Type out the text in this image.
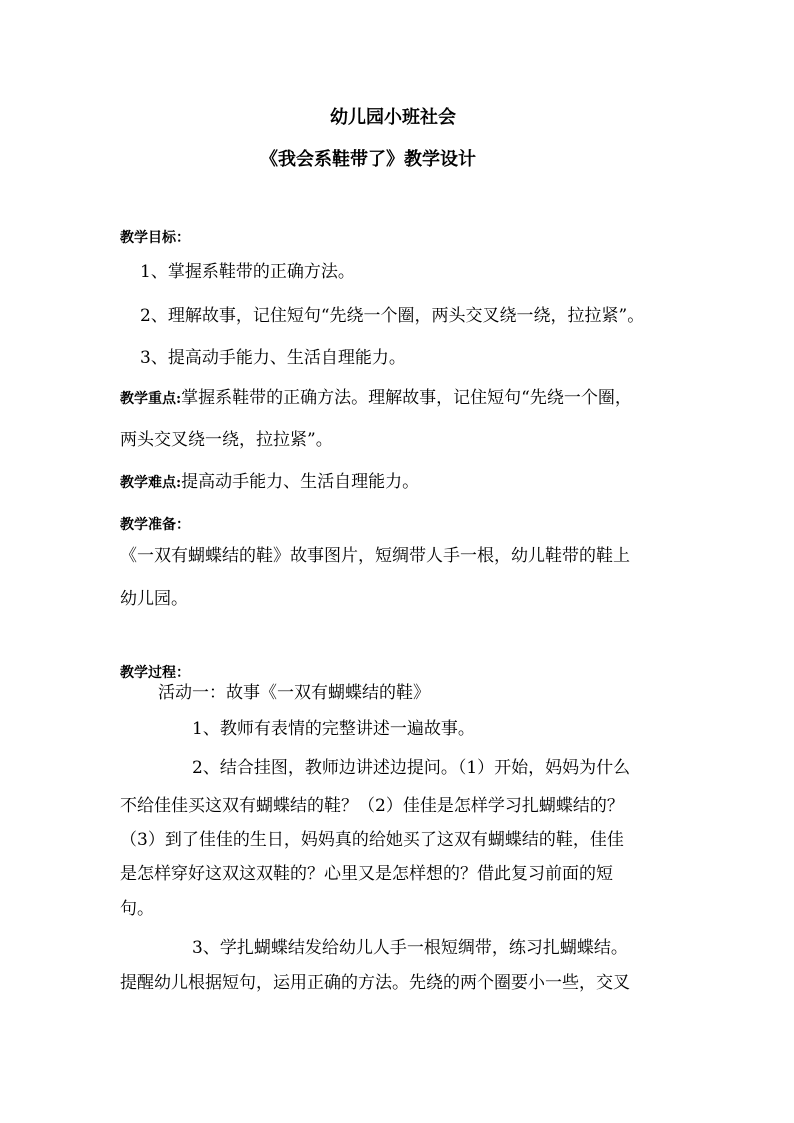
幼儿园小班社会
《我会系鞋带了》教学设计
教学目标：
1、掌握系鞋带的正确方法。
2、理解故事，记住短句“先绕一个圈，两头交叉绕一绕，拉拉紧”。
3、提高动手能力、生活自理能力。
教学重点:掌握系鞋带的正确方法。理解故事，记住短句“先绕一个圈，
两头交叉绕一绕，拉拉紧”。
教学难点:提高动手能力、生活自理能力。
教学准备：
《一双有蝴蝶结的鞋》故事图片，短绸带人手一根，幼儿鞋带的鞋上
幼儿园。
教学过程：
活动一：故事《一双有蝴蝶结的鞋》
1、教师有表情的完整讲述一遍故事。
2、结合挂图，教师边讲述边提问。（1）开始，妈妈为什么
不给佳佳买这双有蝴蝶结的鞋？（2）佳佳是怎样学习扎蝴蝶结的？
（3）到了佳佳的生日，妈妈真的给她买了这双有蝴蝶结的鞋，佳佳
是怎样穿好这双这双鞋的？心里又是怎样想的？借此复习前面的短
句。
3、学扎蝴蝶结发给幼儿人手一根短绸带，练习扎蝴蝶结。
提醒幼儿根据短句，运用正确的方法。先绕的两个圈要小一些，交叉
